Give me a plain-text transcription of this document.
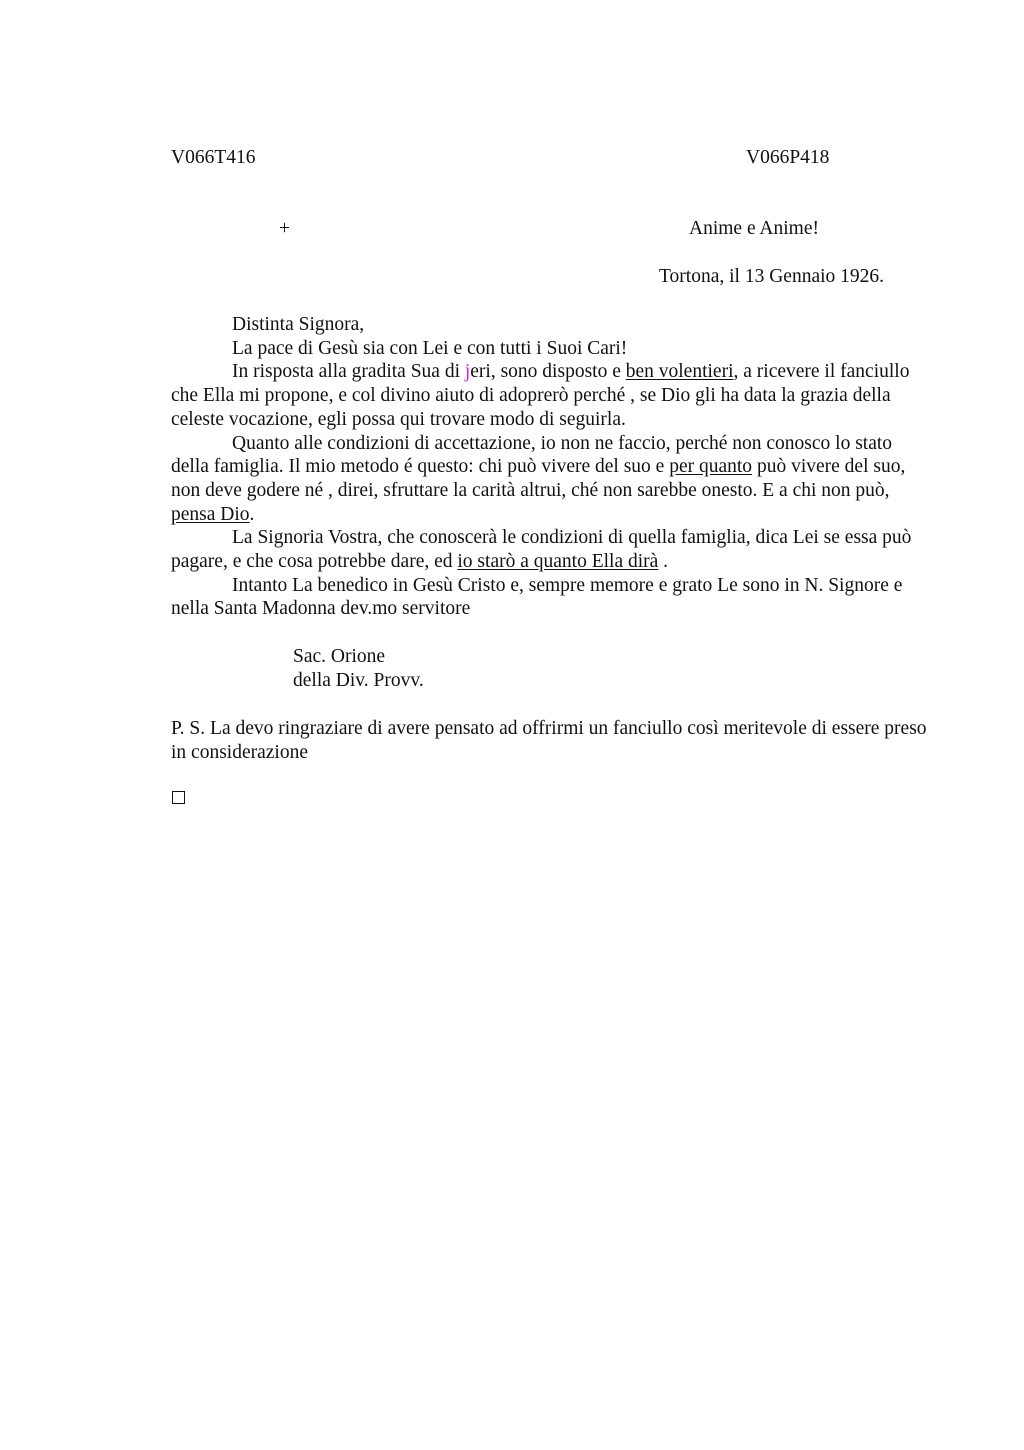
V066T416	V066P418
+	Anime e Anime!
Tortona, il 13 Gennaio 1926.

Distinta Signora,

La pace di Gesù sia con Lei e con tutti i Suoi Cari!

In risposta alla gradita Sua di jeri, sono disposto e ben volentieri, a ricevere il fanciullo che Ella mi propone, e col divino aiuto di adoprerò perché , se Dio gli ha data la grazia della celeste vocazione, egli possa qui trovare modo di seguirla.

Quanto alle condizioni di accettazione, io non ne faccio, perché non conosco lo stato della famiglia. Il mio metodo é questo: chi può vivere del suo e per quanto può vivere del suo, non deve godere né , direi, sfruttare la carità altrui, ché non sarebbe onesto. E a chi non può, pensa Dio.

La Signoria Vostra, che conoscerà le condizioni di quella famiglia, dica Lei se essa può pagare, e che cosa potrebbe dare, ed io starò a quanto Ella dirà .

Intanto La benedico in Gesù Cristo e, sempre memore e grato Le sono in N. Signore e nella Santa Madonna dev.mo servitore

Sac. Orione
della Div. Provv.
P. S. La devo ringraziare di avere pensato ad offrirmi un fanciullo così meritevole di essere preso in considerazione
